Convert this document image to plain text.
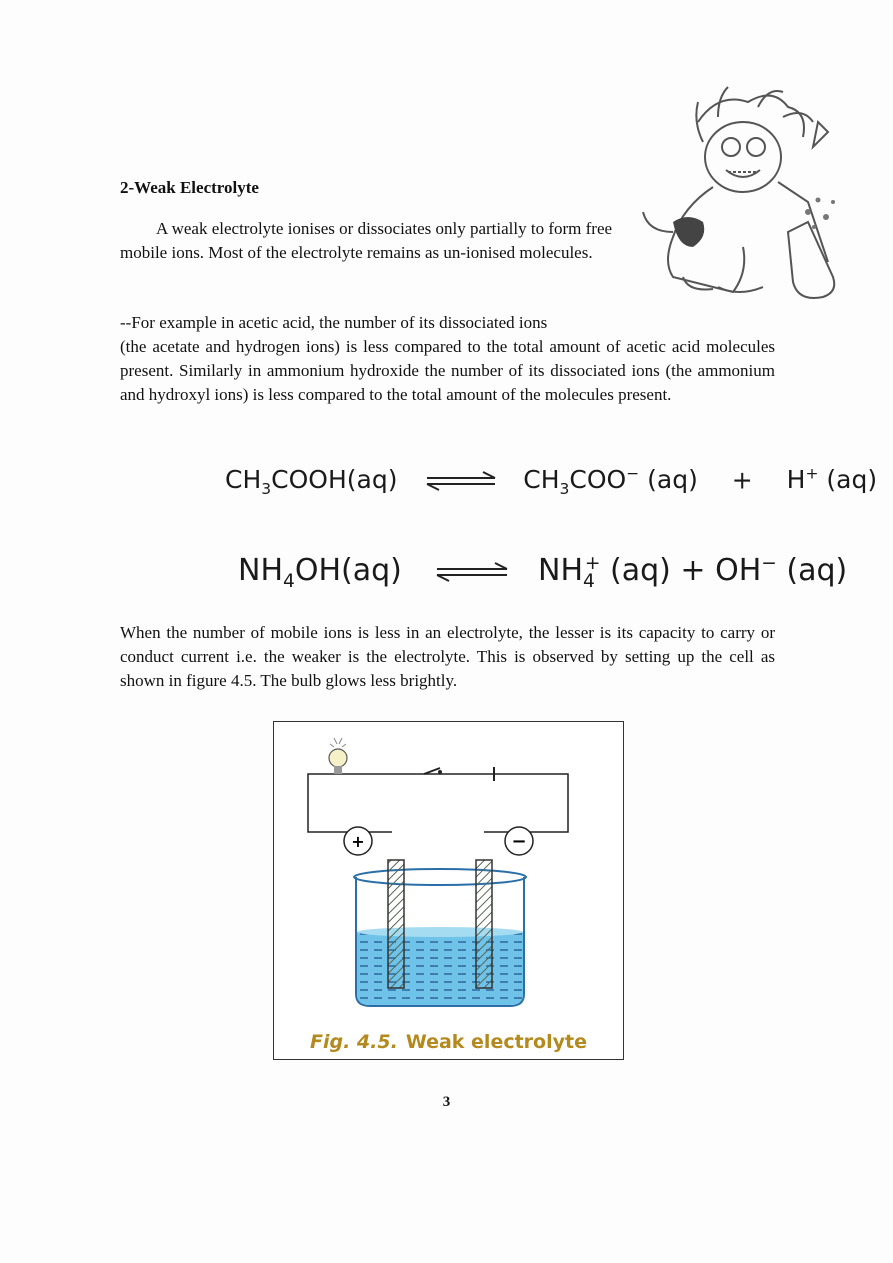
2-Weak Electrolyte
A weak electrolyte ionises or dissociates only partially to form free mobile ions. Most of the electrolyte remains as un-ionised molecules.
--For example in acetic acid, the number of its dissociated ions
(the acetate and hydrogen ions) is less compared to the total amount of acetic acid molecules present. Similarly in ammonium hydroxide the number of its dissociated ions (the ammonium and hydroxyl ions) is less compared to the total amount of the molecules present.
$CH_3COOH(aq)$ ⇌ $CH_3COO^-$ (aq) + H+ (aq)
$NH_4OH(aq)$ ⇌ $NH_4^+$ (aq) + OH− (aq)
When the number of mobile ions is less in an electrolyte, the lesser is its capacity to carry or conduct current i.e. the weaker is the electrolyte. This is observed by setting up the cell as shown in figure 4.5. The bulb glows less brightly.
+	−
Fig. 4.5. Weak electrolyte
3
